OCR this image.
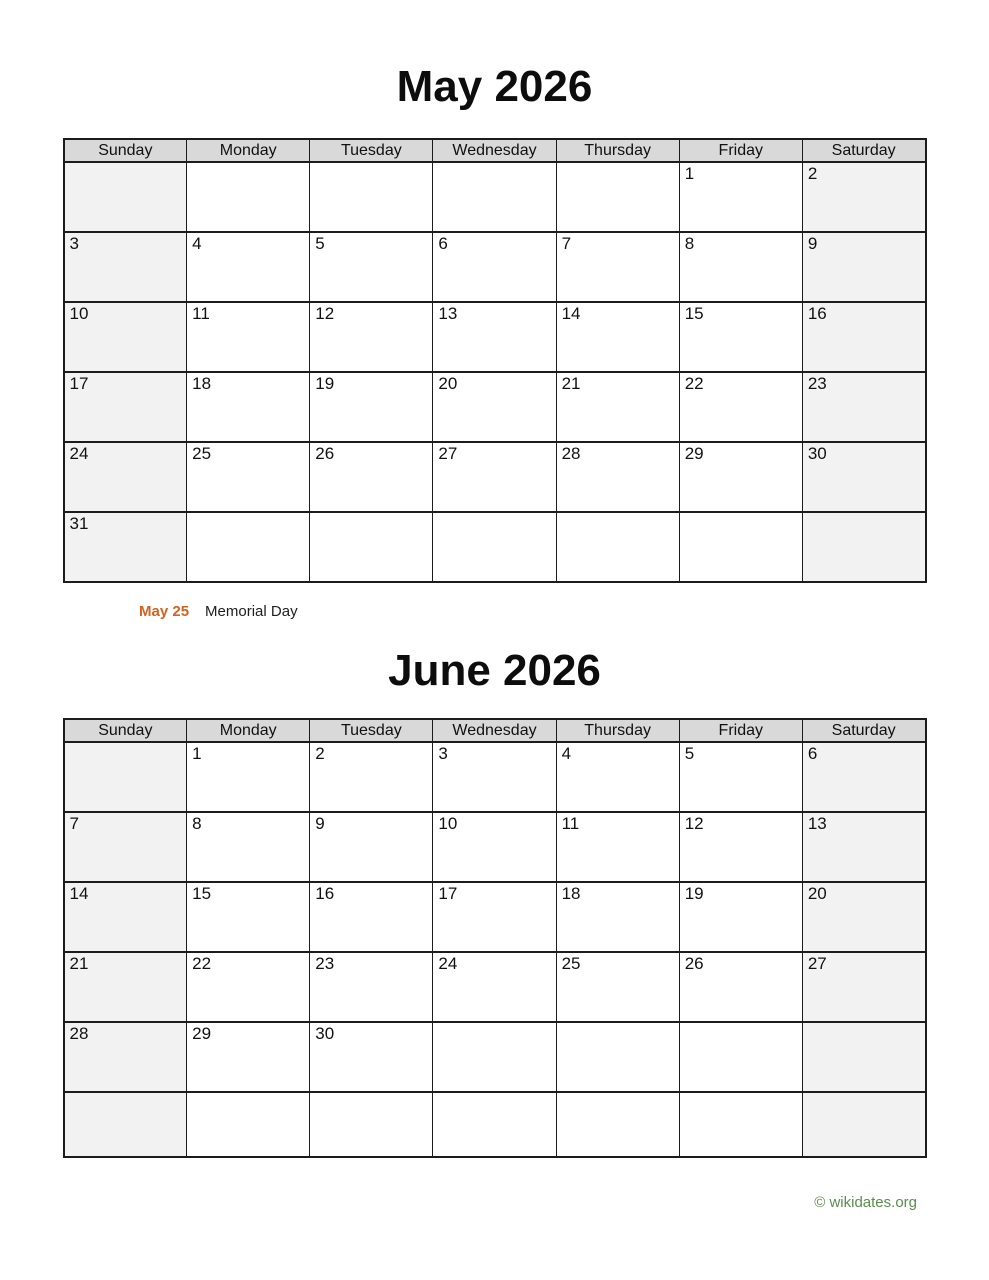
May 2026
Sunday	Monday	Tuesday	Wednesday	Thursday	Friday	Saturday
					1	2
3	4	5	6	7	8	9
10	11	12	13	14	15	16
17	18	19	20	21	22	23
24	25	26	27	28	29	30
31						
May 25 Memorial Day
June 2026
Sunday	Monday	Tuesday	Wednesday	Thursday	Friday	Saturday
	1	2	3	4	5	6
7	8	9	10	11	12	13
14	15	16	17	18	19	20
21	22	23	24	25	26	27
28	29	30				

© wikidates.org
